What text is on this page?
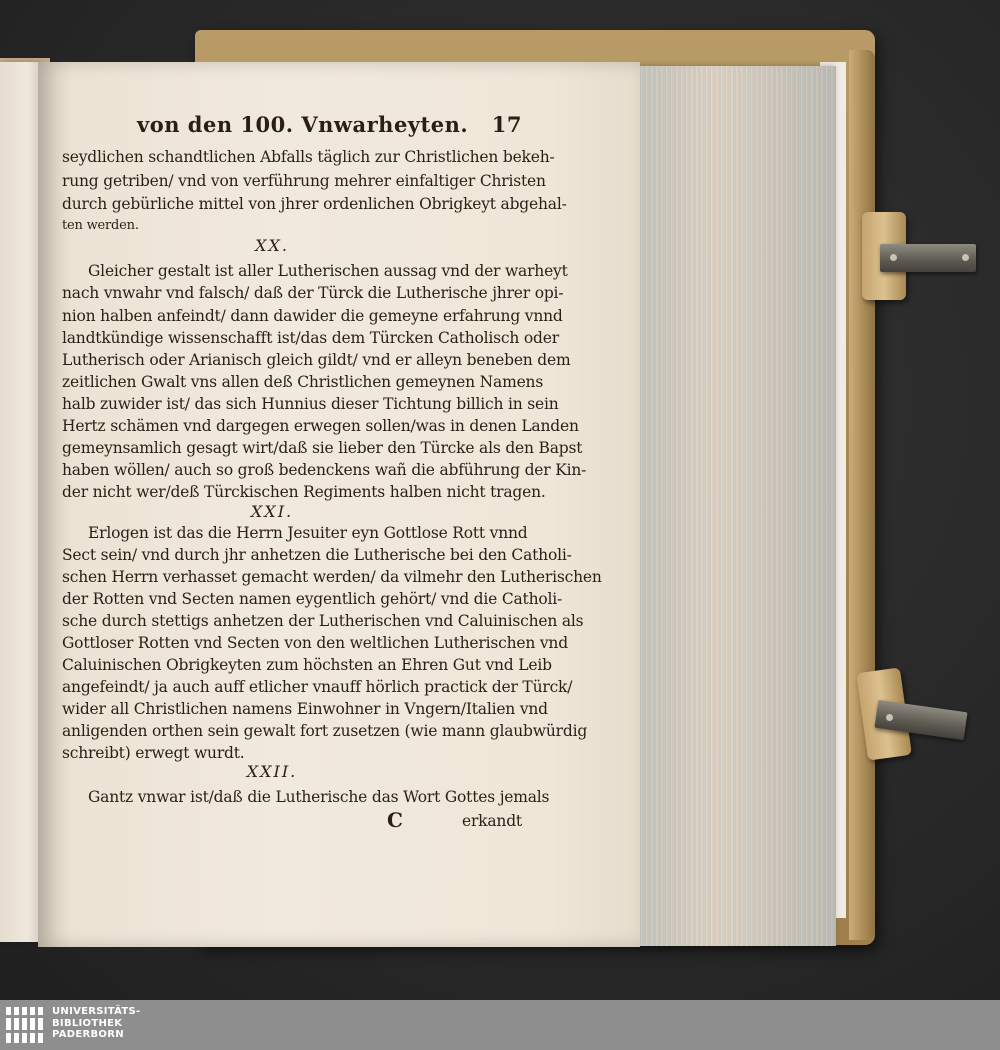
von den 100. Vnwarheyten. 17
seydlichen schandtlichen Abfalls täglich zur Christlichen bekeh-
rung getriben/ vnd von verführung mehrer einfaltiger Christen
durch gebürliche mittel von jhrer ordenlichen Obrigkeyt abgehal-
ten werden.
XX.
Gleicher gestalt ist aller Lutherischen aussag vnd der warheyt
nach vnwahr vnd falsch/ daß der Türck die Lutherische jhrer opi-
nion halben anfeindt/ dann dawider die gemeyne erfahrung vnnd
landtkündige wissenschafft ist/das dem Türcken Catholisch oder
Lutherisch oder Arianisch gleich gildt/ vnd er alleyn beneben dem
zeitlichen Gwalt vns allen deß Christlichen gemeynen Namens
halb zuwider ist/ das sich Hunnius dieser Tichtung billich in sein
Hertz schämen vnd dargegen erwegen sollen/was in denen Landen
gemeynsamlich gesagt wirt/daß sie lieber den Türcke als den Bapst
haben wöllen/ auch so groß bedenckens wañ die abführung der Kin-
der nicht wer/deß Türckischen Regiments halben nicht tragen.
XXI.
Erlogen ist das die Herrn Jesuiter eyn Gottlose Rott vnnd
Sect sein/ vnd durch jhr anhetzen die Lutherische bei den Catholi-
schen Herrn verhasset gemacht werden/ da vilmehr den Lutherischen
der Rotten vnd Secten namen eygentlich gehört/ vnd die Catholi-
sche durch stettigs anhetzen der Lutherischen vnd Caluinischen als
Gottloser Rotten vnd Secten von den weltlichen Lutherischen vnd
Caluinischen Obrigkeyten zum höchsten an Ehren Gut vnd Leib
angefeindt/ ja auch auff etlicher vnauff hörlich practick der Türck/
wider all Christlichen namens Einwohner in Vngern/Italien vnd
anligenden orthen sein gewalt fort zusetzen (wie mann glaubwürdig
schreibt) erwegt wurdt.
XXII.
Gantz vnwar ist/daß die Lutherische das Wort Gottes jemals
C	erkandt
UNIVERSITÄTS-
BIBLIOTHEK
PADERBORN
